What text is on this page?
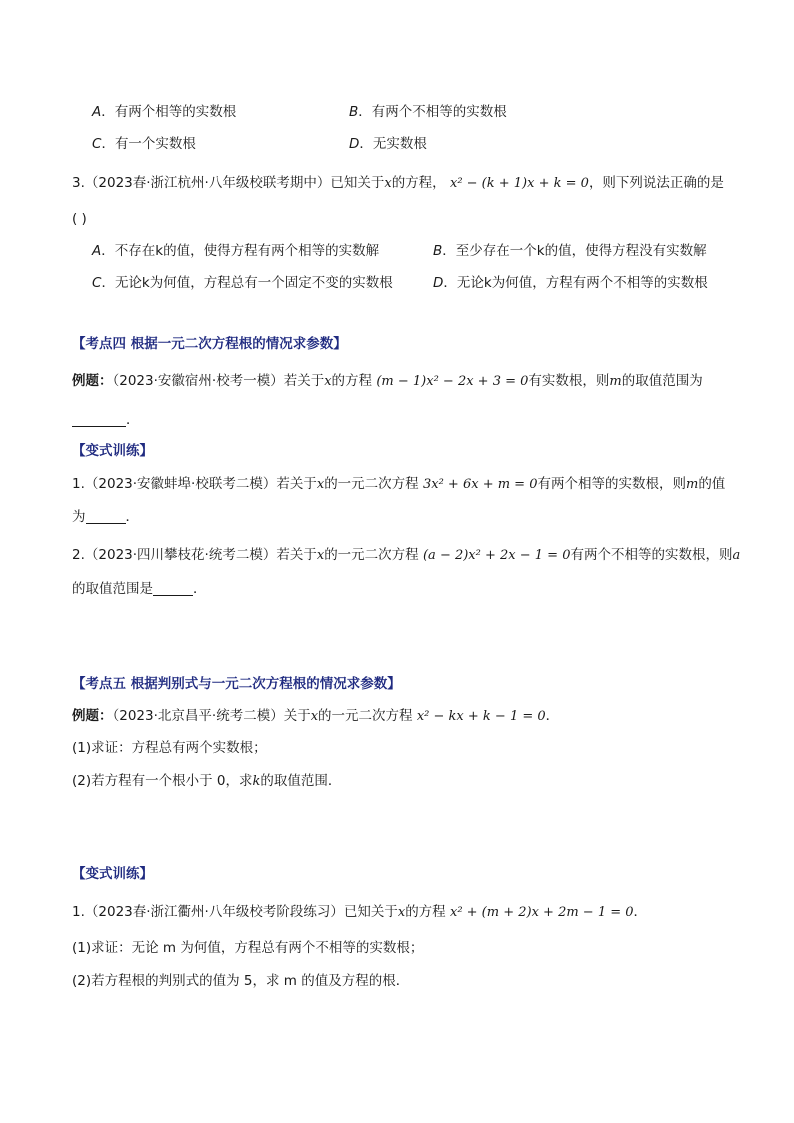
A．有两个相等的实数根	B．有两个不相等的实数根
C．有一个实数根	D．无实数根
3.（2023春·浙江杭州·八年级校联考期中）已知关于x的方程， x² − (k + 1)x + k = 0，则下列说法正确的是
( )
A．不存在k的值，使得方程有两个相等的实数解	B．至少存在一个k的值，使得方程没有实数解
C．无论k为何值，方程总有一个固定不变的实数根	D．无论k为何值，方程有两个不相等的实数根
【考点四 根据一元二次方程根的情况求参数】
例题：（2023·安徽宿州·校考一模）若关于x的方程 (m − 1)x² − 2x + 3 = 0有实数根，则m的取值范围为
．
【变式训练】
1.（2023·安徽蚌埠·校联考二模）若关于x的一元二次方程 3x² + 6x + m = 0有两个相等的实数根，则m的值
为	．
2.（2023·四川攀枝花·统考二模）若关于x的一元二次方程 (a − 2)x² + 2x − 1 = 0有两个不相等的实数根，则a
的取值范围是	．
【考点五 根据判别式与一元二次方程根的情况求参数】
例题：（2023·北京昌平·统考二模）关于x的一元二次方程 x² − kx + k − 1 = 0．
(1)求证：方程总有两个实数根；
(2)若方程有一个根小于 0，求k的取值范围．
【变式训练】
1.（2023春·浙江衢州·八年级校考阶段练习）已知关于x的方程 x² + (m + 2)x + 2m − 1 = 0．
(1)求证：无论 m 为何值，方程总有两个不相等的实数根；
(2)若方程根的判别式的值为 5，求 m 的值及方程的根．
